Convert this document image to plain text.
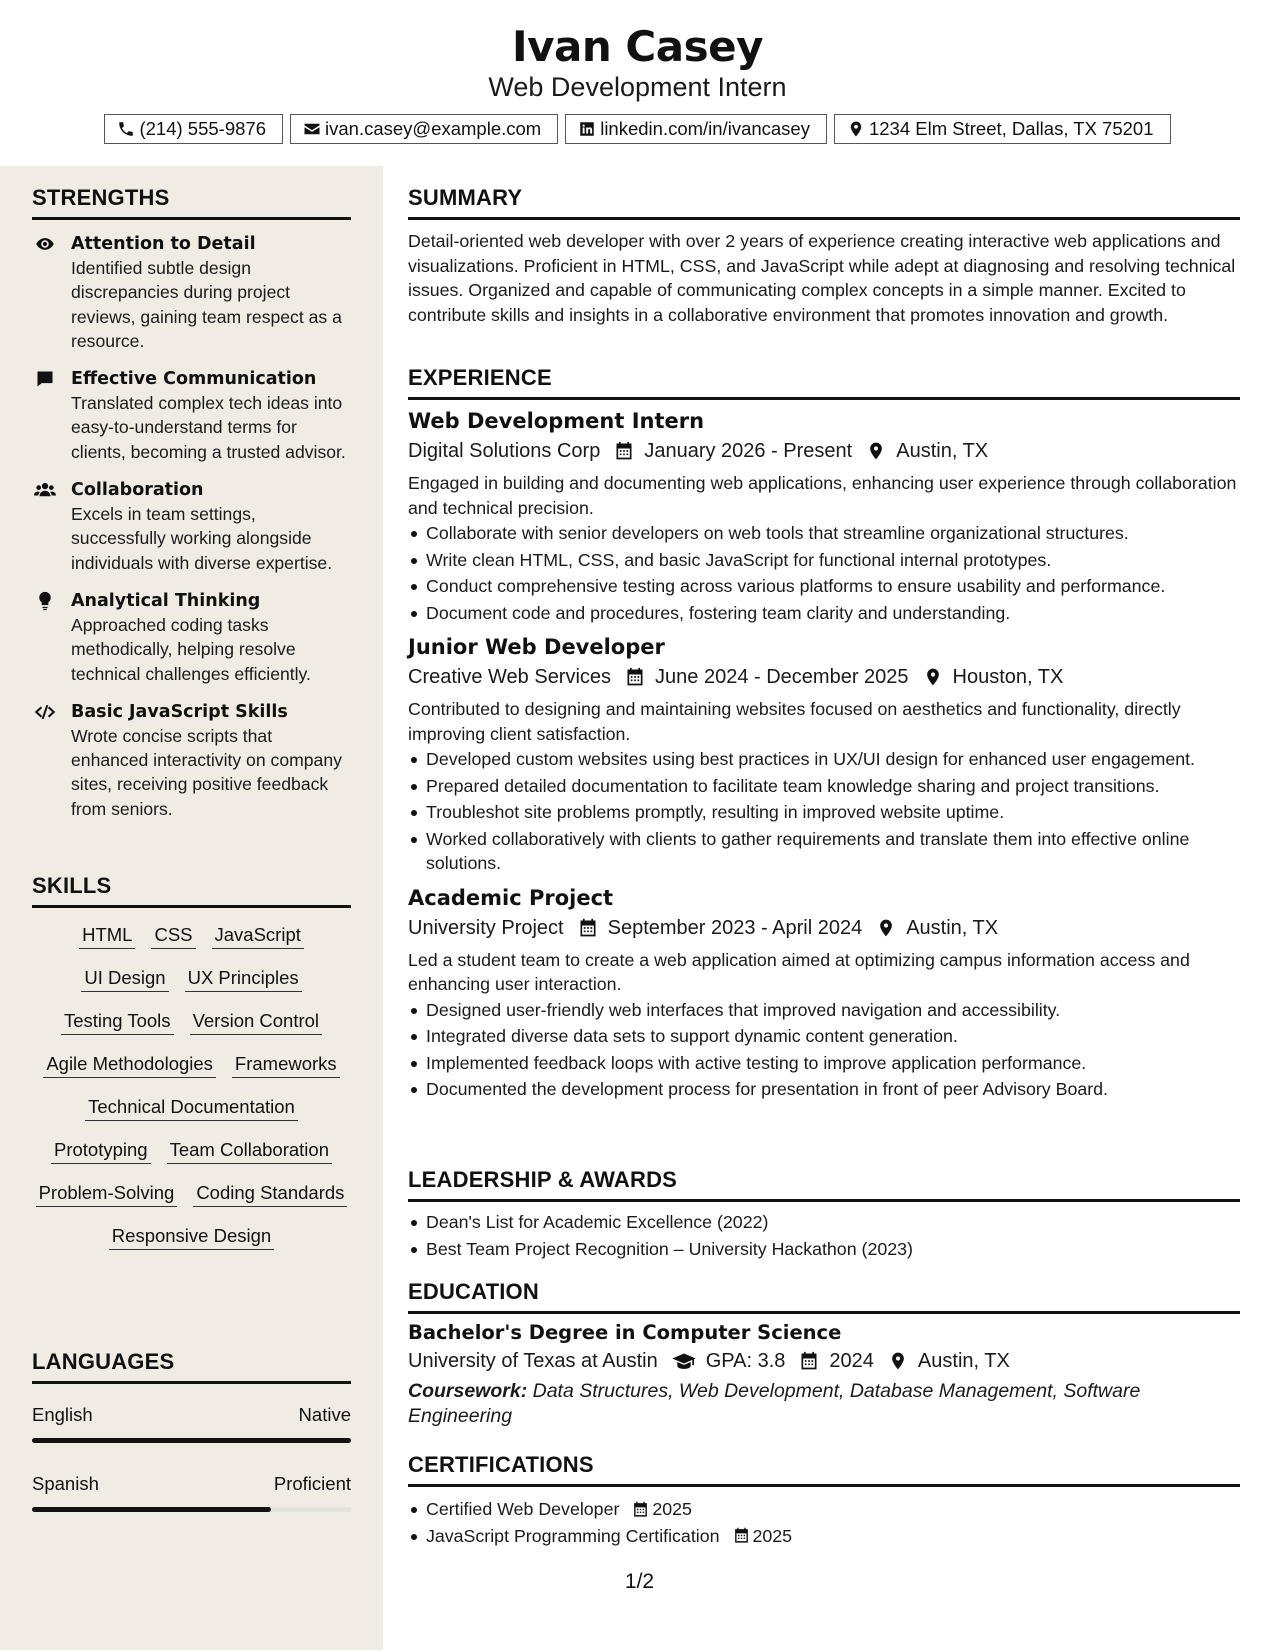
Ivan Casey
Web Development Intern
(214) 555-9876	ivan.casey@example.com	linkedin.com/in/ivancasey	1234 Elm Street, Dallas, TX 75201
STRENGTHS
Attention to Detail
Identified subtle design discrepancies during project reviews, gaining team respect as a resource.
Effective Communication
Translated complex tech ideas into easy-to-understand terms for clients, becoming a trusted advisor.
Collaboration
Excels in team settings, successfully working alongside individuals with diverse expertise.
Analytical Thinking
Approached coding tasks methodically, helping resolve technical challenges efficiently.
Basic JavaScript Skills
Wrote concise scripts that enhanced interactivity on company sites, receiving positive feedback from seniors.
SKILLS
HTML CSS JavaScript
UI Design UX Principles
Testing Tools Version Control
Agile Methodologies Frameworks
Technical Documentation
Prototyping Team Collaboration
Problem-Solving Coding Standards
Responsive Design
LANGUAGES
English	Native
Spanish	Proficient
SUMMARY
Detail-oriented web developer with over 2 years of experience creating interactive web applications and visualizations. Proficient in HTML, CSS, and JavaScript while adept at diagnosing and resolving technical issues. Organized and capable of communicating complex concepts in a simple manner. Excited to contribute skills and insights in a collaborative environment that promotes innovation and growth.
EXPERIENCE
Web Development Intern
Digital Solutions Corp January 2026 - Present Austin, TX
Engaged in building and documenting web applications, enhancing user experience through collaboration and technical precision.
Collaborate with senior developers on web tools that streamline organizational structures.
Write clean HTML, CSS, and basic JavaScript for functional internal prototypes.
Conduct comprehensive testing across various platforms to ensure usability and performance.
Document code and procedures, fostering team clarity and understanding.
Junior Web Developer
Creative Web Services June 2024 - December 2025 Houston, TX
Contributed to designing and maintaining websites focused on aesthetics and functionality, directly improving client satisfaction.
Developed custom websites using best practices in UX/UI design for enhanced user engagement.
Prepared detailed documentation to facilitate team knowledge sharing and project transitions.
Troubleshot site problems promptly, resulting in improved website uptime.
Worked collaboratively with clients to gather requirements and translate them into effective online solutions.
Academic Project
University Project September 2023 - April 2024 Austin, TX
Led a student team to create a web application aimed at optimizing campus information access and enhancing user interaction.
Designed user-friendly web interfaces that improved navigation and accessibility.
Integrated diverse data sets to support dynamic content generation.
Implemented feedback loops with active testing to improve application performance.
Documented the development process for presentation in front of peer Advisory Board.
LEADERSHIP & AWARDS
Dean's List for Academic Excellence (2022)
Best Team Project Recognition – University Hackathon (2023)
EDUCATION
Bachelor's Degree in Computer Science
University of Texas at Austin GPA: 3.8 2024 Austin, TX
Coursework: Data Structures, Web Development, Database Management, Software Engineering
CERTIFICATIONS
Certified Web Developer 2025
JavaScript Programming Certification 2025
1/2
